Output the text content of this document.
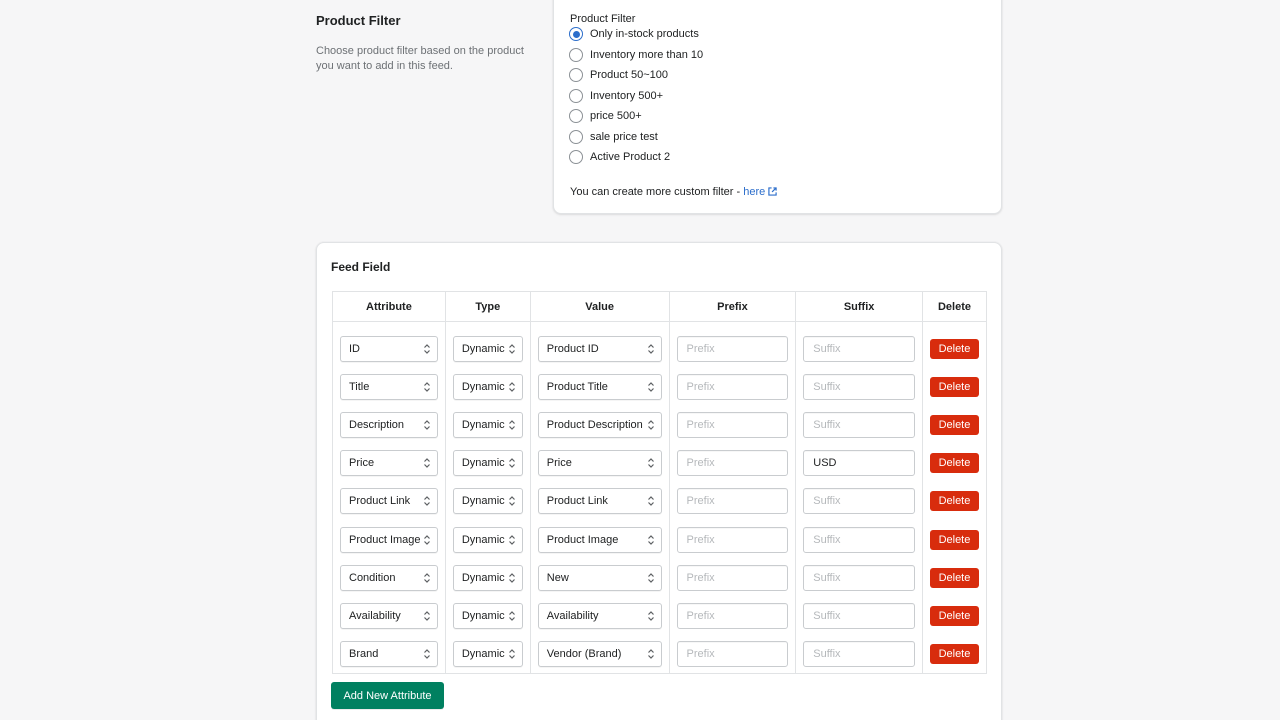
Product Filter
Choose product filter based on the product you want to add in this feed.
Product Filter
Only in-stock products
Inventory more than 10
Product 50~100
Inventory 500+
price 500+
sale price test
Active Product 2
You can create more custom filter - here
Feed Field
Attribute	Type	Value	Prefix	Suffix	Delete

ID	Dynamic	Product ID	Prefix	Suffix	Delete

Title	Dynamic	Product Title	Prefix	Suffix	Delete

Description	Dynamic	Product Description	Prefix	Suffix	Delete

Price	Dynamic	Price	Prefix	USD	Delete

Product Link	Dynamic	Product Link	Prefix	Suffix	Delete

Product Image	Dynamic	Product Image	Prefix	Suffix	Delete

Condition	Dynamic	New	Prefix	Suffix	Delete

Availability	Dynamic	Availability	Prefix	Suffix	Delete

Brand	Dynamic	Vendor (Brand)	Prefix	Suffix	Delete
Add New Attribute
